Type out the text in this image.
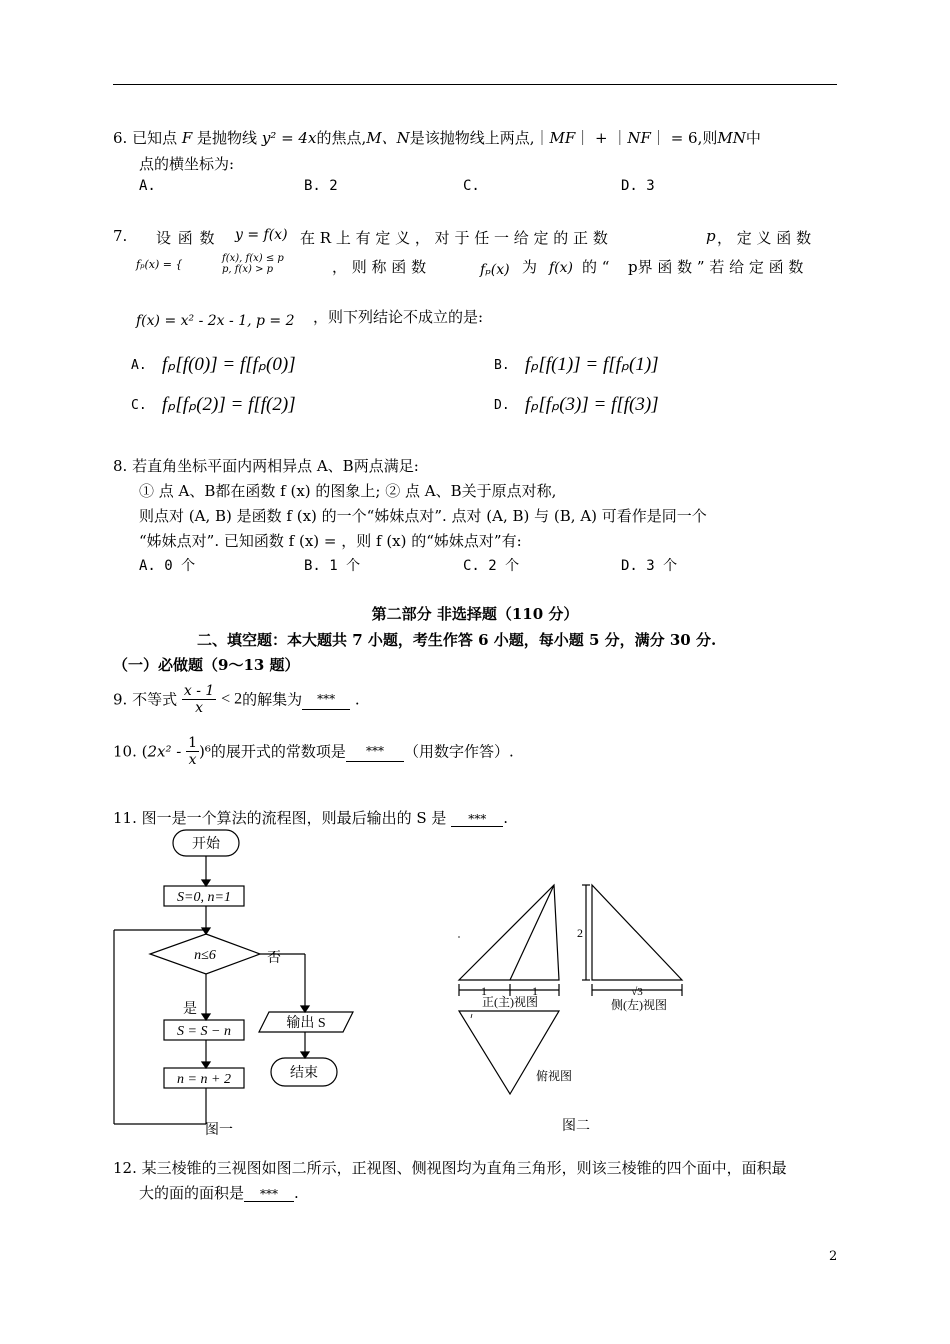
6. 已知点 F 是抛物线 y² = 4x的焦点,M、N是该抛物线上两点,｜MF｜ + ｜NF｜ = 6,则MN中
点的横坐标为:
A.	B. 2	C.	D. 3
7. 设 函 数 y = f(x) 在 R 上 有 定 义 ， 对 于 任 一 给 定 的 正 数	p ， 定 义 函 数
fₚ(x) = {	f(x), f(x) ≤ p
p, f(x) > p	， 则 称 函 数	fₚ(x) 为 f(x) 的 “ p界 函 数 ” 若 给 定 函 数
f(x) = x² - 2x - 1, p = 2 ，则下列结论不成立的是:
A. fₚ[f(0)] = f[fₚ(0)]	B. fₚ[f(1)] = f[fₚ(1)]
C. fₚ[fₚ(2)] = f[f(2)]	D. fₚ[fₚ(3)] = f[f(3)]
8. 若直角坐标平面内两相异点 A、B两点满足:
① 点 A、B都在函数 f (x) 的图象上; ② 点 A、B关于原点对称,
则点对 (A, B) 是函数 f (x) 的一个“姊妹点对”. 点对 (A, B) 与 (B, A) 可看作是同一个
“姊妹点对”. 已知函数 f (x) = ，则 f (x) 的“姊妹点对”有:
A. 0 个	B. 1 个	C. 2 个	D. 3 个
第二部分 非选择题（110 分）
二、填空题：本大题共 7 小题，考生作答 6 小题，每小题 5 分，满分 30 分.
（一）必做题（9～13 题）
9. 不等式 $\frac{x - 1}{x} < 2$的解集为 *** .
10. $(2x^2 - \frac{1}{x} )^6$的展开式的常数项是 *** （用数字作答）.
11. 图一是一个算法的流程图，则最后输出的 S 是 *** .
开始
S=0, n=1
n≤6	否
是
S = S − n
n = n + 2
输出 S
结束
图一
1	1
正(主)视图
2
√3
侧(左)视图
俯视图
图二
12. 某三棱锥的三视图如图二所示，正视图、侧视图均为直角三角形，则该三棱锥的四个面中，面积最
大的面的面积是 *** .
2
